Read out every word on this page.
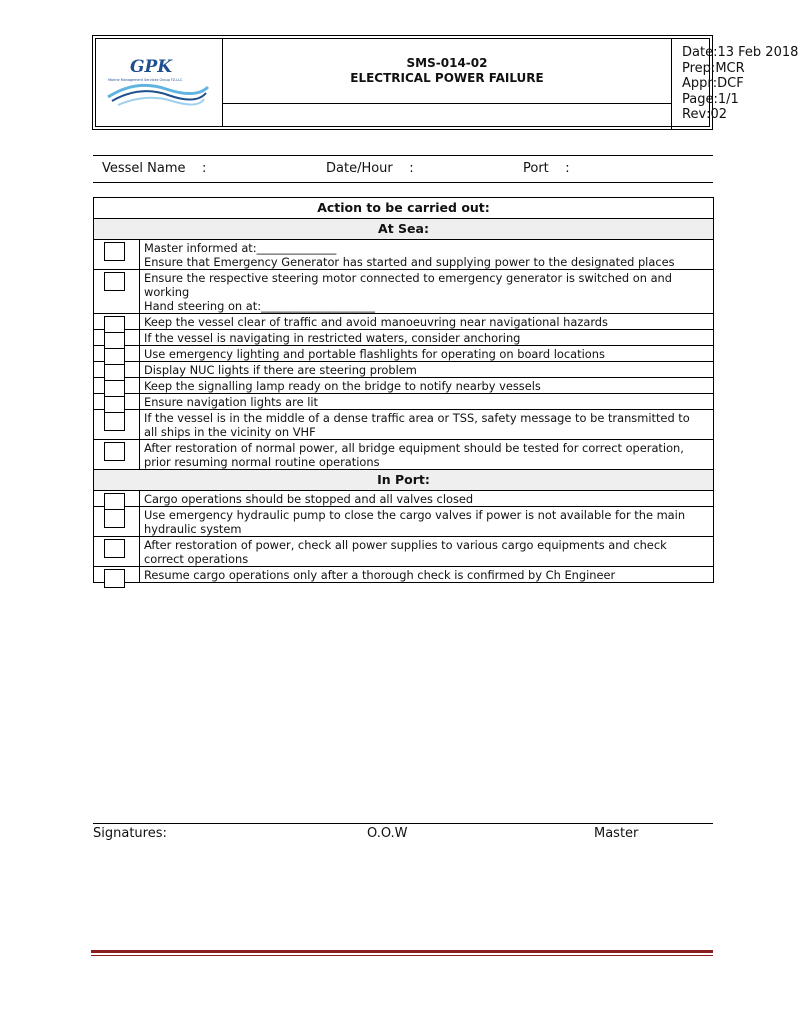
GPK
Marine Management Services Group FZ-LLC
SMS-014-02
ELECTRICAL POWER FAILURE
Date : 13 Feb 2018
Prep : MCR
Appr : DCF
Page : 1/1
Rev : 02
Vessel Name    :	Date/Hour    :	Port    :
Action to be carried out:	
At Sea:	

	Master informed at:______________
Ensure that Emergency Generator has started and supplying power to the designated places

	Ensure the respective steering motor connected to emergency generator is switched on and
working
Hand steering on at:____________________

	Keep the vessel clear of traffic and avoid manoeuvring near navigational hazards

	If the vessel is navigating in restricted waters, consider anchoring

	Use emergency lighting and portable flashlights for operating on board locations

	Display NUC lights if there are steering problem

	Keep the signalling lamp ready on the bridge to notify nearby vessels

	Ensure navigation lights are lit

	If the vessel is in the middle of a dense traffic area or TSS, safety message to be transmitted to
all ships in the vicinity on VHF

	After restoration of normal power, all bridge equipment should be tested for correct operation,
prior resuming normal routine operations

In Port:	

	Cargo operations should be stopped and all valves closed

	Use emergency hydraulic pump to close the cargo valves if power is not available for the main
hydraulic system

	After restoration of power, check all power supplies to various cargo equipments and check
correct operations

	Resume cargo operations only after a thorough check is confirmed by Ch Engineer
Signatures:	O.O.W	Master
